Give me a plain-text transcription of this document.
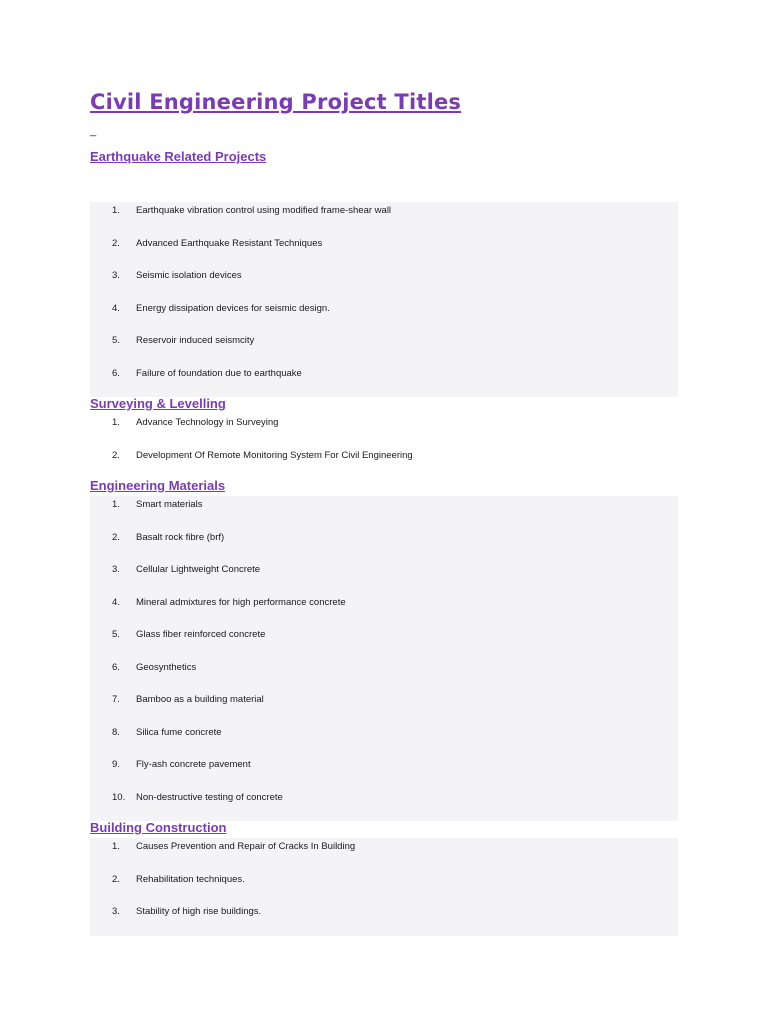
Civil Engineering Project Titles
_
Earthquake Related Projects
1.	Earthquake vibration control using modified frame-shear wall
2.	Advanced Earthquake Resistant Techniques
3.	Seismic isolation devices
4.	Energy dissipation devices for seismic design.
5.	Reservoir induced seismcity
6.	Failure of foundation due to earthquake
Surveying & Levelling
1.	Advance Technology in Surveying
2.	Development Of Remote Monitoring System For Civil Engineering
Engineering Materials
1.	Smart materials
2.	Basalt rock fibre (brf)
3.	Cellular Lightweight Concrete
4.	Mineral admixtures for high performance concrete
5.	Glass fiber reinforced concrete
6.	Geosynthetics
7.	Bamboo as a building material
8.	Silica fume concrete
9.	Fly-ash concrete pavement
10.	Non-destructive testing of concrete
Building Construction
1.	Causes Prevention and Repair of Cracks In Building
2.	Rehabilitation techniques.
3.	Stability of high rise buildings.
